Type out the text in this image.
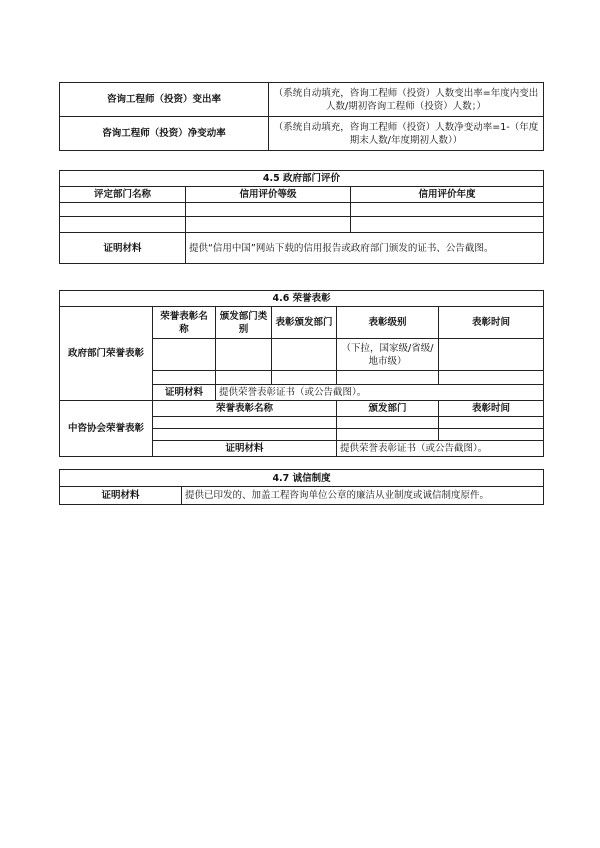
咨询工程师（投资）变出率	（系统自动填充，咨询工程师（投资）人数变出率=年度内变出人数/期初咨询工程师（投资）人数；）
咨询工程师（投资）净变动率	（系统自动填充，咨询工程师（投资）人数净变动率=1-（年度期末人数/年度期初人数））
4.5 政府部门评价		
评定部门名称	信用评价等级	信用评价年度

证明材料	提供“信用中国”网站下载的信用报告或政府部门颁发的证书、公告截图。	
4.6 荣誉表彰					
政府部门荣誉表彰	荣誉表彰名称	颁发部门类别	表彰颁发部门	表彰级别	表彰时间
				（下拉，国家级/省级/地市级）	

	证明材料	提供荣誉表彰证书（或公告截图）。			
中咨协会荣誉表彰	荣誉表彰名称			颁发部门	表彰时间

	证明材料			提供荣誉表彰证书（或公告截图）。	
4.7 诚信制度
证明材料	提供已印发的、加盖工程咨询单位公章的廉洁从业制度或诚信制度原件。
